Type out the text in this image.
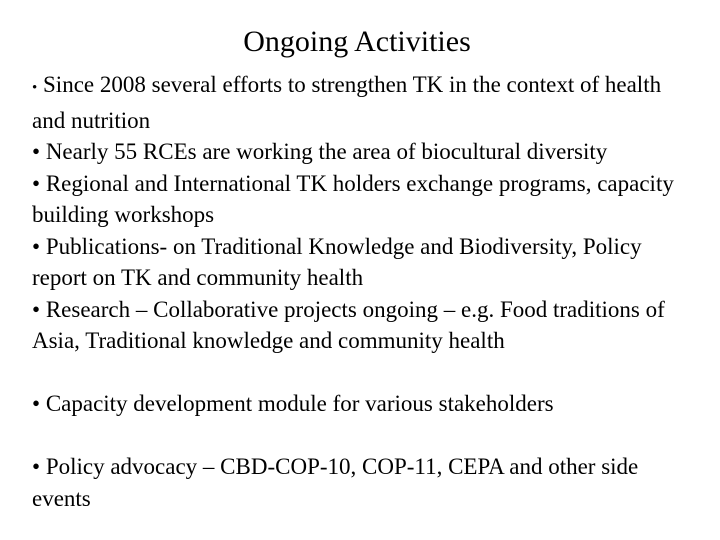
Ongoing Activities
• Since 2008 several efforts to strengthen TK in the context of health and nutrition
• Nearly 55 RCEs are working the area of biocultural diversity
• Regional and International TK holders exchange programs, capacity building workshops
• Publications- on Traditional Knowledge and Biodiversity, Policy report on TK and community health
• Research – Collaborative projects ongoing – e.g. Food traditions of Asia, Traditional knowledge and community health
• Capacity development module for various stakeholders
• Policy advocacy – CBD-COP-10, COP-11, CEPA and other side events
